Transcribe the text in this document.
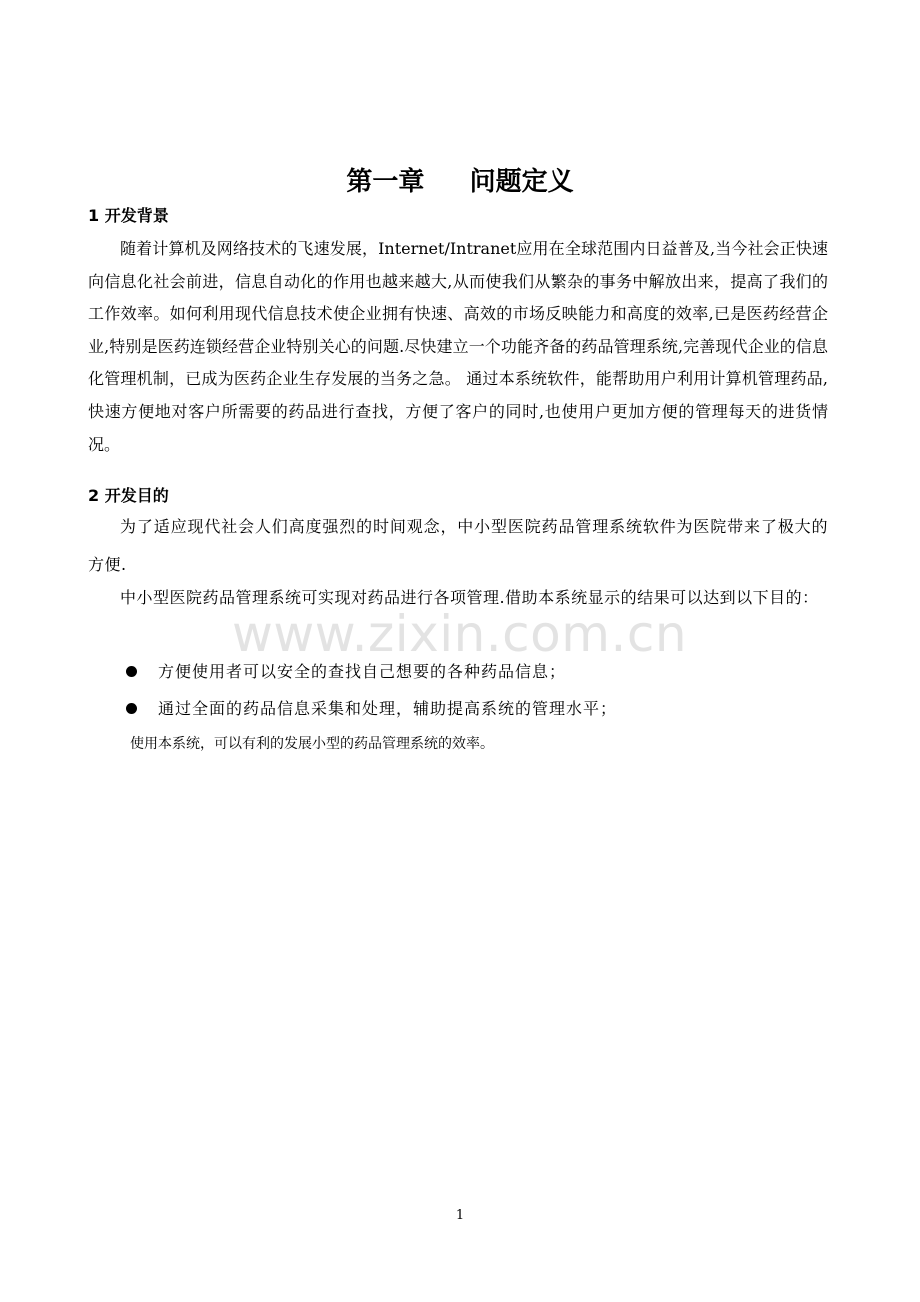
www.zixin.com.cn
第一章     问题定义
1 开发背景

随着计算机及网络技术的飞速发展，Internet/Intranet应用在全球范围内日益普及,当今社会正快速向信息化社会前进，信息自动化的作用也越来越大,从而使我们从繁杂的事务中解放出来，提高了我们的工作效率。如何利用现代信息技术使企业拥有快速、高效的市场反映能力和高度的效率,已是医药经营企业,特别是医药连锁经营企业特别关心的问题.尽快建立一个功能齐备的药品管理系统,完善现代企业的信息化管理机制，已成为医药企业生存发展的当务之急。 通过本系统软件，能帮助用户利用计算机管理药品,快速方便地对客户所需要的药品进行查找，方便了客户的同时,也使用户更加方便的管理每天的进货情况。

2 开发目的

为了适应现代社会人们高度强烈的时间观念，中小型医院药品管理系统软件为医院带来了极大的方便.

中小型医院药品管理系统可实现对药品进行各项管理.借助本系统显示的结果可以达到以下目的：

方便使用者可以安全的查找自己想要的各种药品信息；
通过全面的药品信息采集和处理，辅助提高系统的管理水平；

使用本系统，可以有利的发展小型的药品管理系统的效率。

1
